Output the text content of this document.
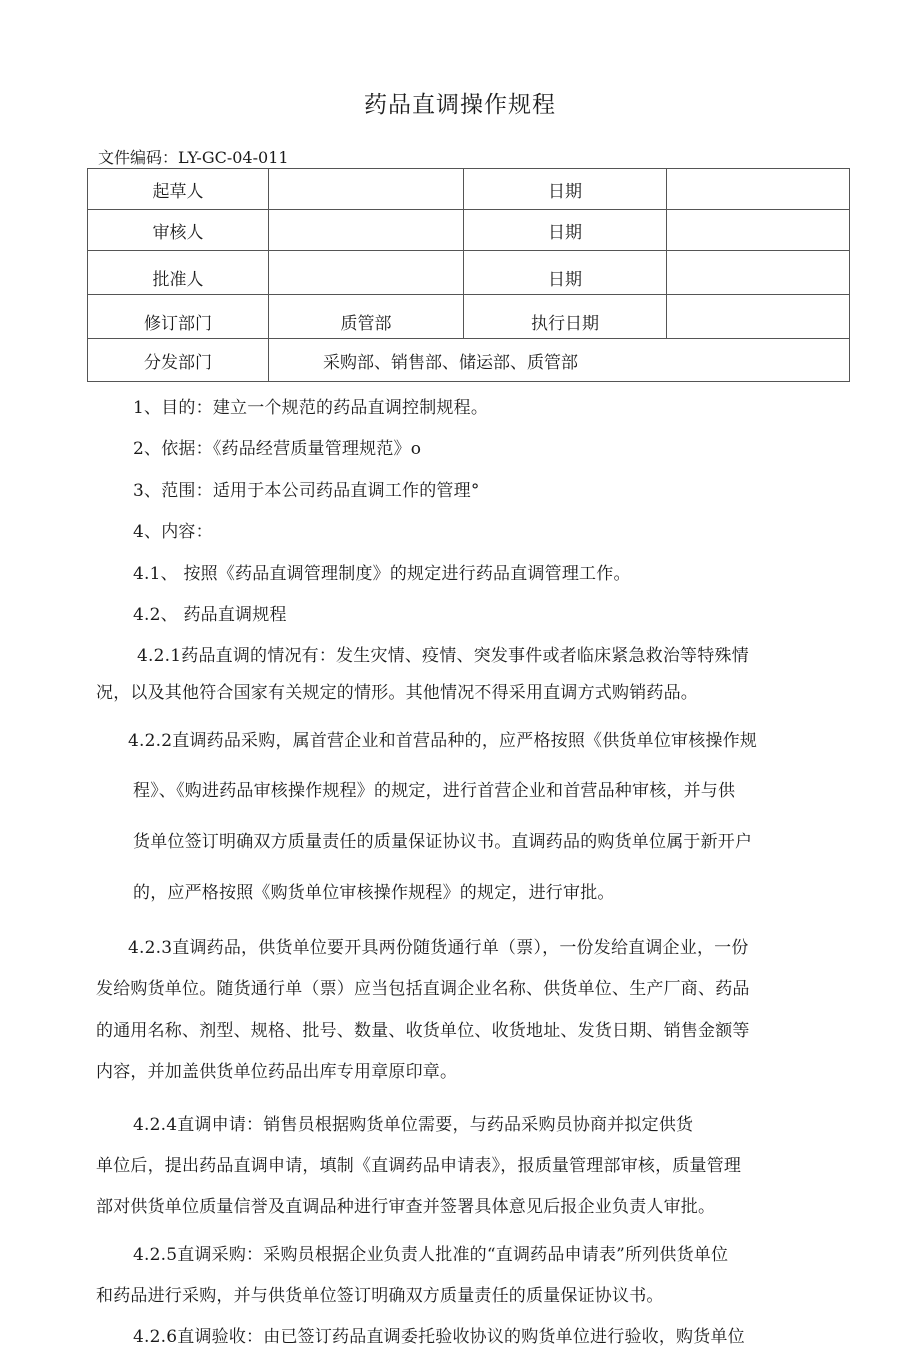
药品直调操作规程
文件编码：LY-GC-04-011
起草人		日期	
审核人		日期	
批准人		日期	
修订部门	质管部	执行日期	
分发部门	采购部、销售部、储运部、质管部		
1、目的：建立一个规范的药品直调控制规程。
2、依据：《药品经营质量管理规范》o
3、范围：适用于本公司药品直调工作的管理°
4、内容：
4.1、 按照《药品直调管理制度》的规定进行药品直调管理工作。
4.2、 药品直调规程
4.2.1药品直调的情况有：发生灾情、疫情、突发事件或者临床紧急救治等特殊情
况，以及其他符合国家有关规定的情形。其他情况不得采用直调方式购销药品。
4.2.2直调药品采购，属首营企业和首营品种的，应严格按照《供货单位审核操作规
程》、《购进药品审核操作规程》的规定，进行首营企业和首营品种审核，并与供
货单位签订明确双方质量责任的质量保证协议书。直调药品的购货单位属于新开户
的，应严格按照《购货单位审核操作规程》的规定，进行审批。
4.2.3直调药品，供货单位要开具两份随货通行单（票），一份发给直调企业，一份
发给购货单位。随货通行单（票）应当包括直调企业名称、供货单位、生产厂商、药品
的通用名称、剂型、规格、批号、数量、收货单位、收货地址、发货日期、销售金额等
内容，并加盖供货单位药品出库专用章原印章。
4.2.4直调申请：销售员根据购货单位需要，与药品采购员协商并拟定供货
单位后，提出药品直调申请，填制《直调药品申请表》，报质量管理部审核，质量管理
部对供货单位质量信誉及直调品种进行审查并签署具体意见后报企业负责人审批。
4.2.5直调采购：采购员根据企业负责人批准的“直调药品申请表”所列供货单位
和药品进行采购，并与供货单位签订明确双方质量责任的质量保证协议书。
4.2.6直调验收：由已签订药品直调委托验收协议的购货单位进行验收，购货单位
